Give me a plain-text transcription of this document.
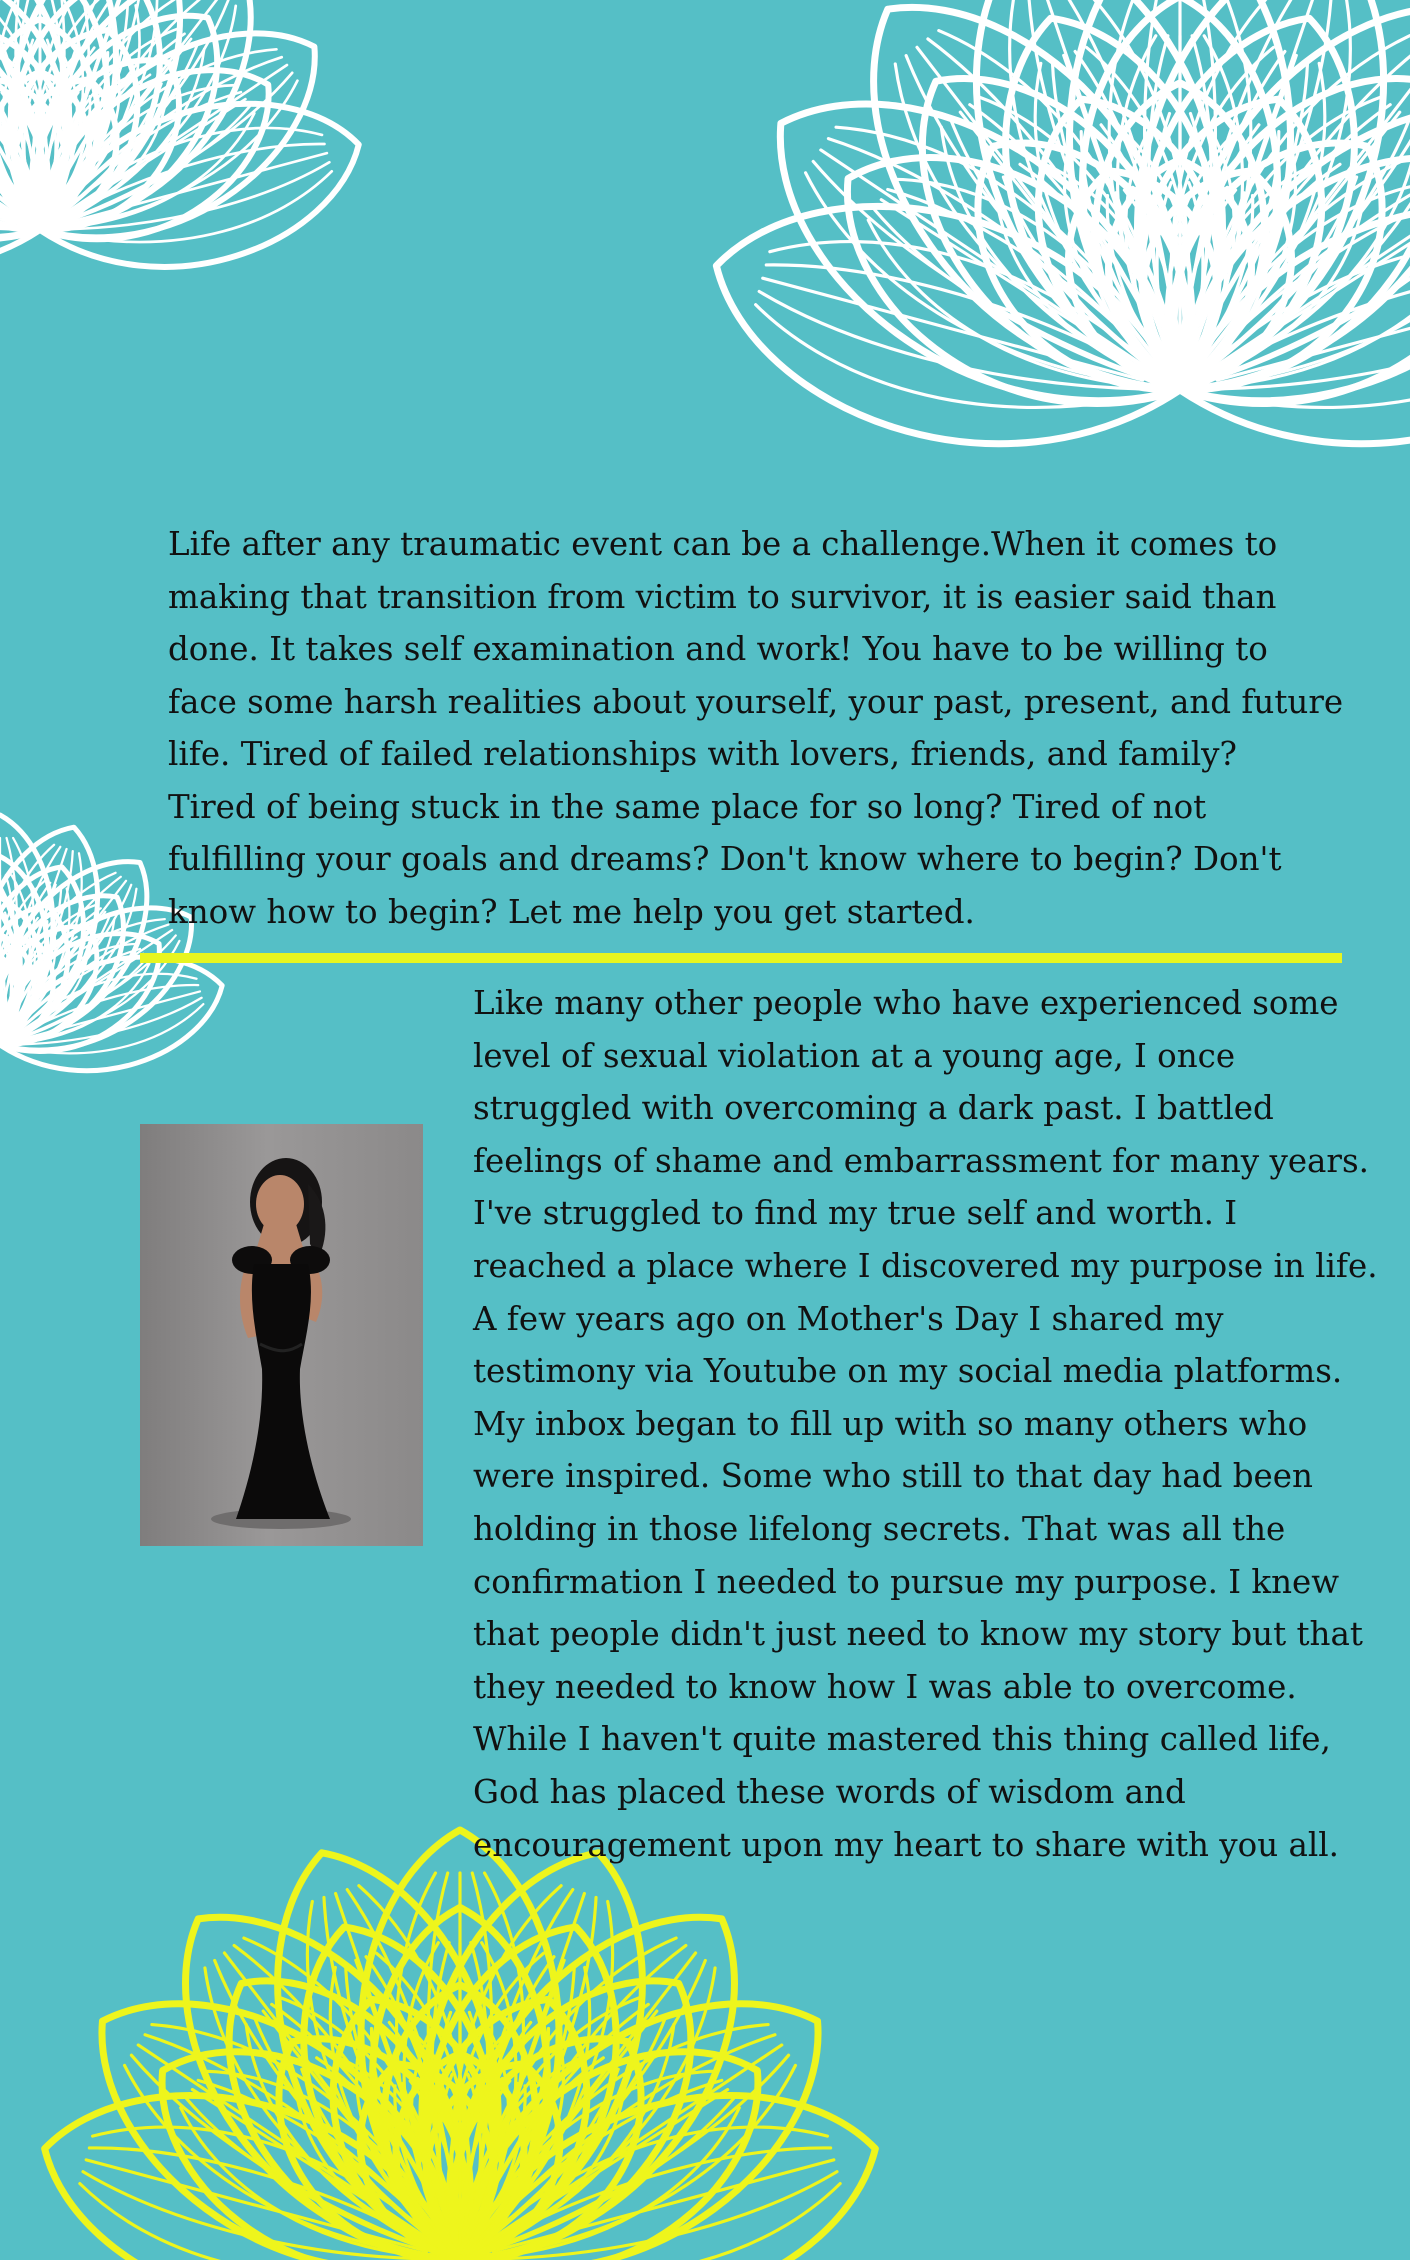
Life after any traumatic event can be a challenge.When it comes to
making that transition from victim to survivor, it is easier said than
done. It takes self examination and work! You have to be willing to
face some harsh realities about yourself, your past, present, and future
life. Tired of failed relationships with lovers, friends, and family?
Tired of being stuck in the same place for so long? Tired of not
fulfilling your goals and dreams? Don't know where to begin? Don't
know how to begin? Let me help you get started.

Like many other people who have experienced some
level of sexual violation at a young age, I once
struggled with overcoming a dark past. I battled
feelings of shame and embarrassment for many years.
I've struggled to find my true self and worth. I
reached a place where I discovered my purpose in life.
A few years ago on Mother's Day I shared my
testimony via Youtube on my social media platforms.
My inbox began to fill up with so many others who
were inspired. Some who still to that day had been
holding in those lifelong secrets. That was all the
confirmation I needed to pursue my purpose. I knew
that people didn't just need to know my story but that
they needed to know how I was able to overcome.
While I haven't quite mastered this thing called life,
God has placed these words of wisdom and
encouragement upon my heart to share with you all.
